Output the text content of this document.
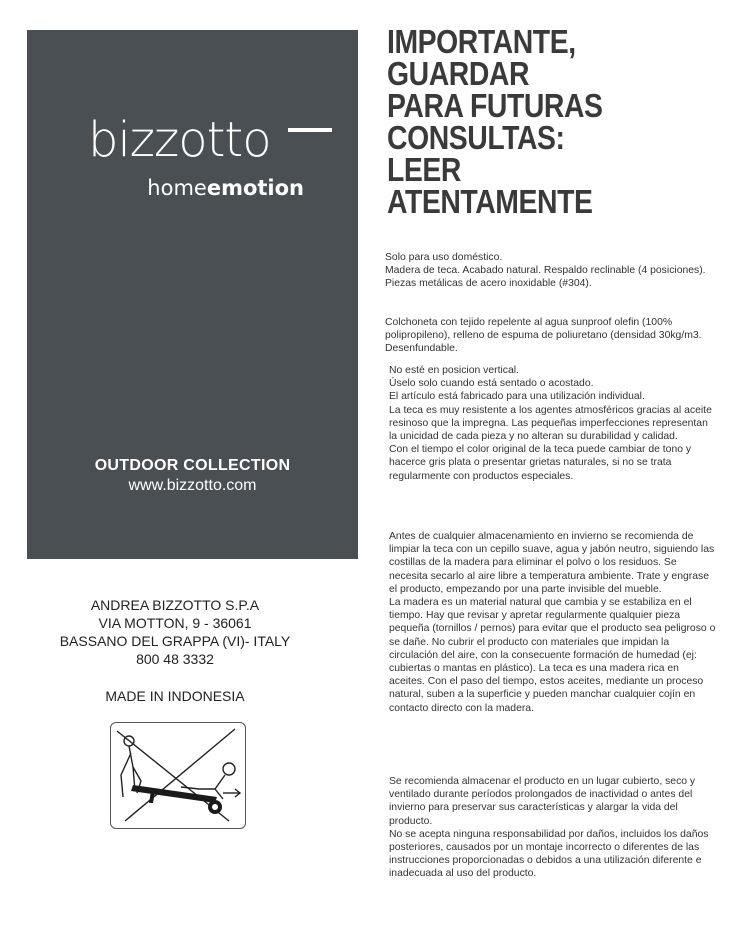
bizzotto
homeemotion
OUTDOOR COLLECTION
www.bizzotto.com
ANDREA BIZZOTTO S.P.A
VIA MOTTON, 9 - 36061
BASSANO DEL GRAPPA (VI)- ITALY
800 48 3332
MADE IN INDONESIA
IMPORTANTE,
GUARDAR
PARA FUTURAS
CONSULTAS:
LEER
ATENTAMENTE

Solo para uso doméstico.
Madera de teca. Acabado natural. Respaldo reclinable (4 posiciones). Piezas metálicas de acero inoxidable (#304).

Colchoneta con tejido repelente al agua sunproof olefin (100% polipropileno), relleno de espuma de poliuretano (densidad 30kg/m3. Desenfundable.

No esté en posicion vertical.
Úselo solo cuando está sentado o acostado.
El artículo está fabricado para una utilización individual.
La teca es muy resistente a los agentes atmosféricos gracias al aceite resinoso que la impregna. Las pequeñas imperfecciones representan la unicidad de cada pieza y no alteran su durabilidad y calidad.
Con el tiempo el color original de la teca puede cambiar de tono y hacerce gris plata o presentar grietas naturales, si no se trata regularmente con productos especiales.

Antes de cualquier almacenamiento en invierno se recomienda de limpiar la teca con un cepillo suave, agua y jabón neutro, siguiendo las costillas de la madera para eliminar el polvo o los residuos. Se necesita secarlo al aire libre a temperatura ambiente. Trate y engrase el producto, empezando por una parte invisible del mueble.
La madera es un material natural que cambia y se estabiliza en el tiempo. Hay que revisar y apretar regularmente qualquier pieza pequeña (tornillos / pernos) para evitar que el producto sea peligroso o se dañe. No cubrir el producto con materiales que impidan la circulación del aire, con la consecuente formación de humedad (ej: cubiertas o mantas en plástico). La teca es una madera rica en aceites. Con el paso del tiempo, estos aceites, mediante un proceso natural, suben a la superficie y pueden manchar cualquier cojín en contacto directo con la madera.

Se recomienda almacenar el producto en un lugar cubierto, seco y ventilado durante períodos prolongados de inactividad o antes del invierno para preservar sus características y alargar la vida del producto.
No se acepta ninguna responsabilidad por daños, incluidos los daños posteriores, causados por un montaje incorrecto o diferentes de las instrucciones proporcionadas o debidos a una utilización diferente e inadecuada al uso del producto.
